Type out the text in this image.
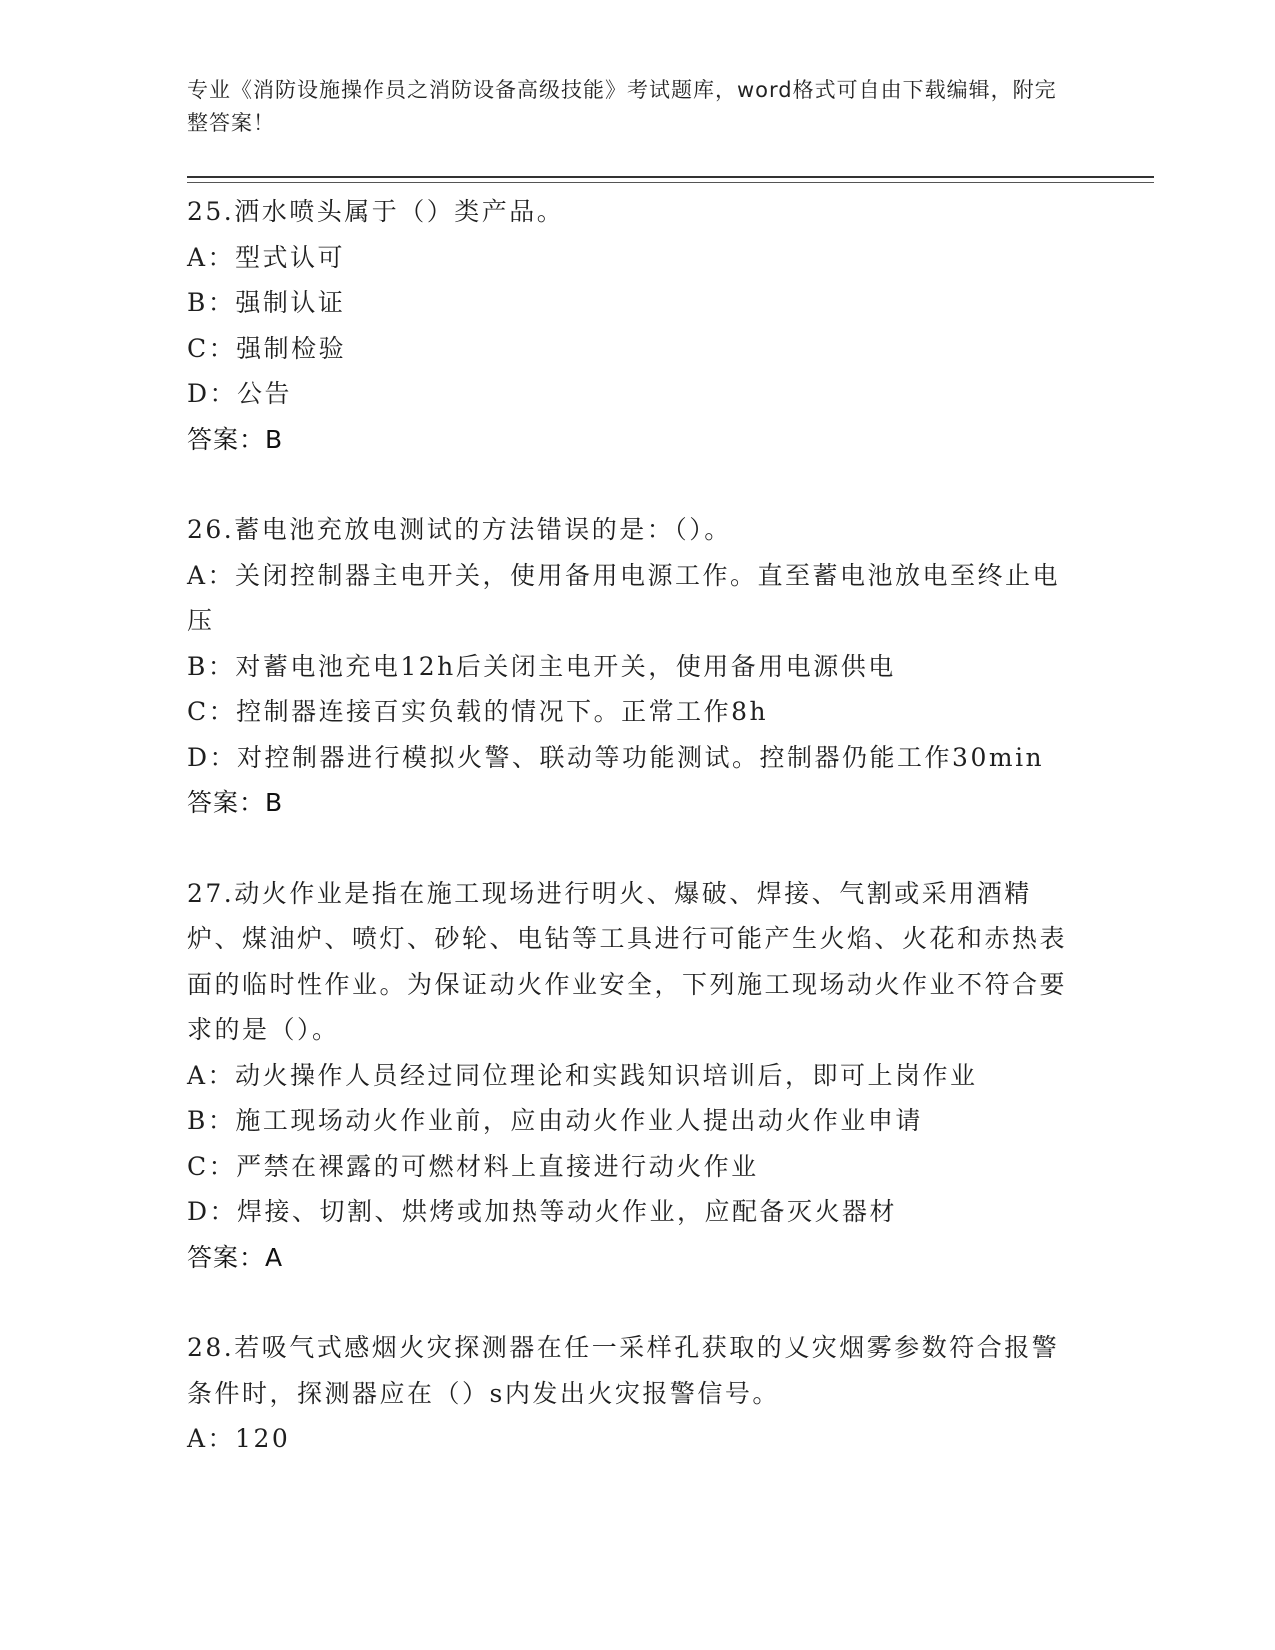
专业《消防设施操作员之消防设备高级技能》考试题库，word格式可自由下载编辑，附完整答案！
25.洒水喷头属于（）类产品。
A：型式认可
B：强制认证
C：强制检验
D：公告
答案：B
26.蓄电池充放电测试的方法错误的是：（）。
A：关闭控制器主电开关，使用备用电源工作。直至蓄电池放电至终止电压
B：对蓄电池充电12h后关闭主电开关，使用备用电源供电
C：控制器连接百实负载的情况下。正常工作8h
D：对控制器进行模拟火警、联动等功能测试。控制器仍能工作30min
答案：B
27.动火作业是指在施工现场进行明火、爆破、焊接、气割或采用酒精炉、煤油炉、喷灯、砂轮、电钻等工具进行可能产生火焰、火花和赤热表面的临时性作业。为保证动火作业安全，下列施工现场动火作业不符合要求的是（）。
A：动火操作人员经过同位理论和实践知识培训后，即可上岗作业
B：施工现场动火作业前，应由动火作业人提出动火作业申请
C：严禁在裸露的可燃材料上直接进行动火作业
D：焊接、切割、烘烤或加热等动火作业，应配备灭火器材
答案：A
28.若吸气式感烟火灾探测器在任一采样孔获取的乂灾烟雾参数符合报警条件时，探测器应在（）s内发出火灾报警信号。
A：120
